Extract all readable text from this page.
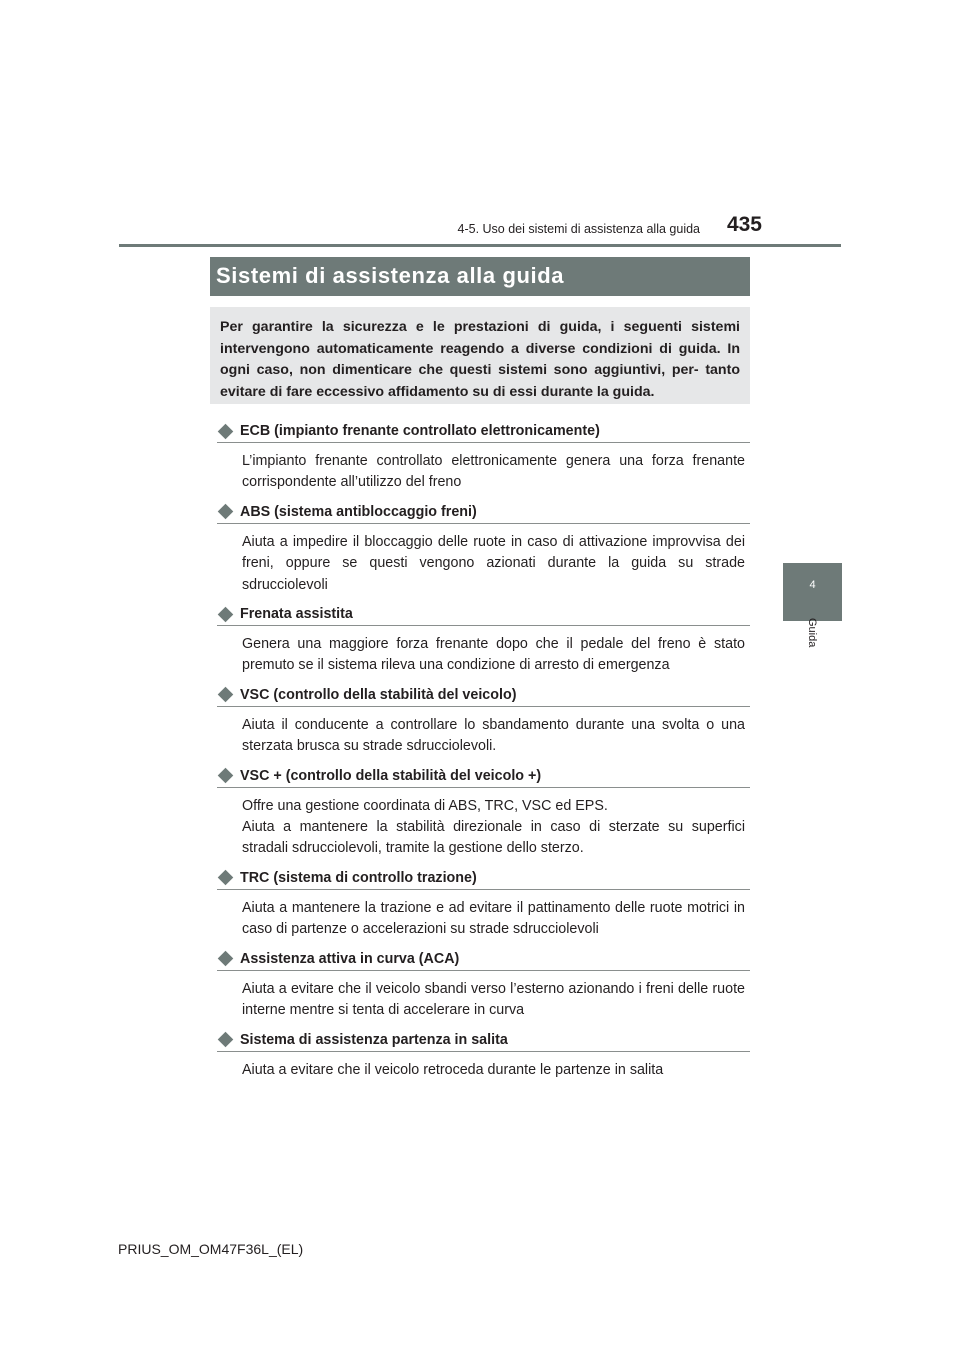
4-5. Uso dei sistemi di assistenza alla guida	435
4
Guida
Sistemi di assistenza alla guida
Per garantire la sicurezza e le prestazioni di guida, i seguenti sistemi intervengono automaticamente reagendo a diverse condizioni di guida. In ogni caso, non dimenticare che questi sistemi sono aggiuntivi, per- tanto evitare di fare eccessivo affidamento su di essi durante la guida.
ECB (impianto frenante controllato elettronicamente)

L’impianto frenante controllato elettronicamente genera una forza frenante corrispondente all’utilizzo del freno

ABS (sistema antibloccaggio freni)

Aiuta a impedire il bloccaggio delle ruote in caso di attivazione improvvisa dei freni, oppure se questi vengono azionati durante la guida su strade sdrucciolevoli

Frenata assistita

Genera una maggiore forza frenante dopo che il pedale del freno è stato premuto se il sistema rileva una condizione di arresto di emergenza

VSC (controllo della stabilità del veicolo)

Aiuta il conducente a controllare lo sbandamento durante una svolta o una sterzata brusca su strade sdrucciolevoli.

VSC + (controllo della stabilità del veicolo +)

Offre una gestione coordinata di ABS, TRC, VSC ed EPS.

Aiuta a mantenere la stabilità direzionale in caso di sterzate su superfici stradali sdrucciolevoli, tramite la gestione dello sterzo.

TRC (sistema di controllo trazione)

Aiuta a mantenere la trazione e ad evitare il pattinamento delle ruote motrici in caso di partenze o accelerazioni su strade sdrucciolevoli

Assistenza attiva in curva (ACA)

Aiuta a evitare che il veicolo sbandi verso l’esterno azionando i freni delle ruote interne mentre si tenta di accelerare in curva

Sistema di assistenza partenza in salita

Aiuta a evitare che il veicolo retroceda durante le partenze in salita

PRIUS_OM_OM47F36L_(EL)
